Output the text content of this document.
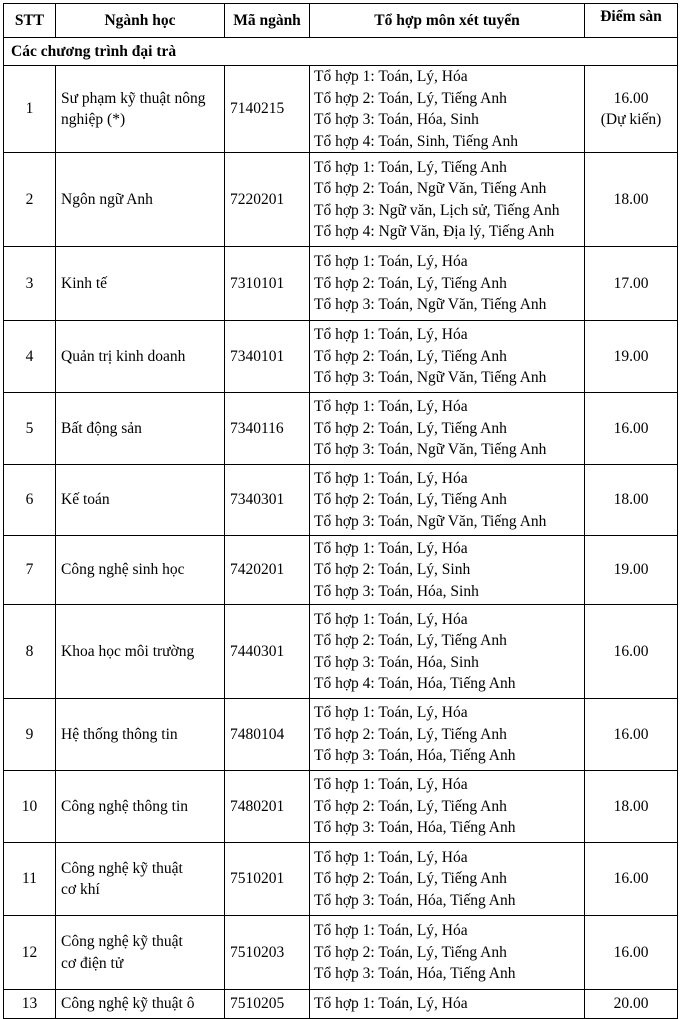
STT	Ngành học	Mã ngành	Tổ hợp môn xét tuyển	Điểm sàn
Các chương trình đại trà				
1	Sư phạm kỹ thuật nông
nghiệp (*)	7140215	Tổ hợp 1: Toán, Lý, Hóa
Tổ hợp 2: Toán, Lý, Tiếng Anh
Tổ hợp 3: Toán, Hóa, Sinh
Tổ hợp 4: Toán, Sinh, Tiếng Anh	16.00
(Dự kiến)

2	Ngôn ngữ Anh	7220201	Tổ hợp 1: Toán, Lý, Tiếng Anh
Tổ hợp 2: Toán, Ngữ Văn, Tiếng Anh
Tổ hợp 3: Ngữ văn, Lịch sử, Tiếng Anh
Tổ hợp 4: Ngữ Văn, Địa lý, Tiếng Anh	18.00

3	Kinh tế	7310101	Tổ hợp 1: Toán, Lý, Hóa
Tổ hợp 2: Toán, Lý, Tiếng Anh
Tổ hợp 3: Toán, Ngữ Văn, Tiếng Anh	17.00

4	Quản trị kinh doanh	7340101	Tổ hợp 1: Toán, Lý, Hóa
Tổ hợp 2: Toán, Lý, Tiếng Anh
Tổ hợp 3: Toán, Ngữ Văn, Tiếng Anh	19.00

5	Bất động sản	7340116	Tổ hợp 1: Toán, Lý, Hóa
Tổ hợp 2: Toán, Lý, Tiếng Anh
Tổ hợp 3: Toán, Ngữ Văn, Tiếng Anh	16.00

6	Kế toán	7340301	Tổ hợp 1: Toán, Lý, Hóa
Tổ hợp 2: Toán, Lý, Tiếng Anh
Tổ hợp 3: Toán, Ngữ Văn, Tiếng Anh	18.00

7	Công nghệ sinh học	7420201	Tổ hợp 1: Toán, Lý, Hóa
Tổ hợp 2: Toán, Lý, Sinh
Tổ hợp 3: Toán, Hóa, Sinh	19.00

8	Khoa học môi trường	7440301	Tổ hợp 1: Toán, Lý, Hóa
Tổ hợp 2: Toán, Lý, Tiếng Anh
Tổ hợp 3: Toán, Hóa, Sinh
Tổ hợp 4: Toán, Hóa, Tiếng Anh	16.00

9	Hệ thống thông tin	7480104	Tổ hợp 1: Toán, Lý, Hóa
Tổ hợp 2: Toán, Lý, Tiếng Anh
Tổ hợp 3: Toán, Hóa, Tiếng Anh	16.00

10	Công nghệ thông tin	7480201	Tổ hợp 1: Toán, Lý, Hóa
Tổ hợp 2: Toán, Lý, Tiếng Anh
Tổ hợp 3: Toán, Hóa, Tiếng Anh	18.00

11	Công nghệ kỹ thuật
cơ khí	7510201	Tổ hợp 1: Toán, Lý, Hóa
Tổ hợp 2: Toán, Lý, Tiếng Anh
Tổ hợp 3: Toán, Hóa, Tiếng Anh	16.00

12	Công nghệ kỹ thuật
cơ điện tử	7510203	Tổ hợp 1: Toán, Lý, Hóa
Tổ hợp 2: Toán, Lý, Tiếng Anh
Tổ hợp 3: Toán, Hóa, Tiếng Anh	16.00

13	Công nghệ kỹ thuật ô	7510205	Tổ hợp 1: Toán, Lý, Hóa	20.00
